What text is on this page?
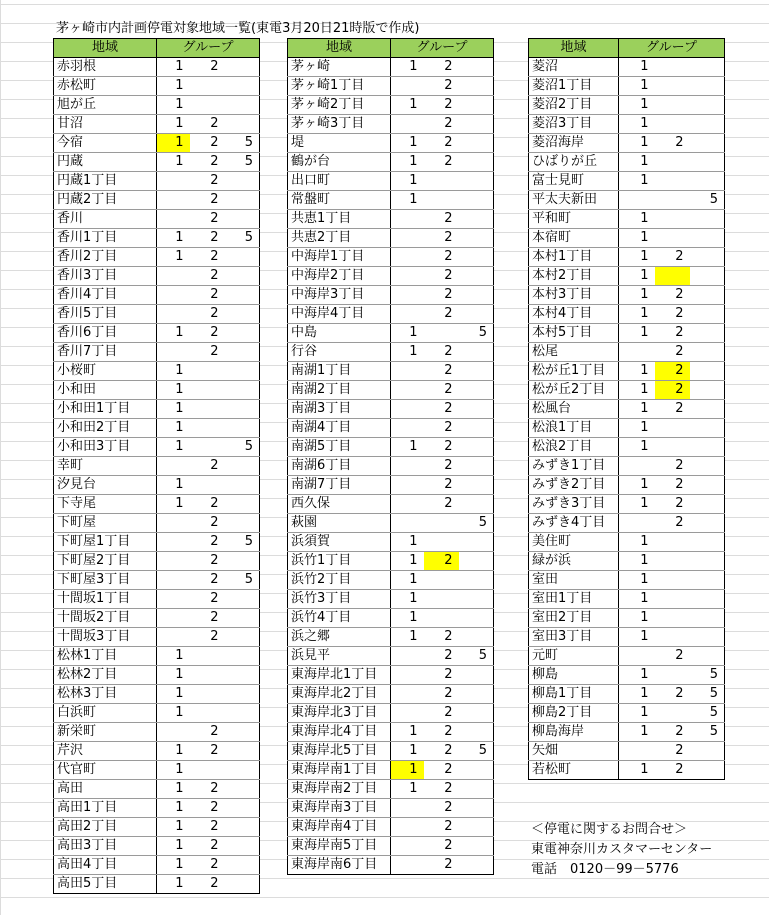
茅ヶ崎市内計画停電対象地域一覧(東電3月20日21時版で作成)
地域	グループ		
赤羽根	1	2	
赤松町	1		
旭が丘	1		
甘沼	1	2	
今宿	1	2	5
円蔵	1	2	5
円蔵1丁目		2	
円蔵2丁目		2	
香川		2	
香川1丁目	1	2	5
香川2丁目	1	2	
香川3丁目		2	
香川4丁目		2	
香川5丁目		2	
香川6丁目	1	2	
香川7丁目		2	
小桜町	1		
小和田	1		
小和田1丁目	1		
小和田2丁目	1		
小和田3丁目	1		5
幸町		2	
汐見台	1		
下寺尾	1	2	
下町屋		2	
下町屋1丁目		2	5
下町屋2丁目		2	
下町屋3丁目		2	5
十間坂1丁目		2	
十間坂2丁目		2	
十間坂3丁目		2	
松林1丁目	1		
松林2丁目	1		
松林3丁目	1		
白浜町	1		
新栄町		2	
芹沢	1	2	
代官町	1		
高田	1	2	
高田1丁目	1	2	
高田2丁目	1	2	
高田3丁目	1	2	
高田4丁目	1	2	
高田5丁目	1	2	
地域	グループ		
茅ヶ崎	1	2	
茅ヶ崎1丁目		2	
茅ヶ崎2丁目	1	2	
茅ヶ崎3丁目		2	
堤	1	2	
鶴が台	1	2	
出口町	1		
常盤町	1		
共恵1丁目		2	
共恵2丁目		2	
中海岸1丁目		2	
中海岸2丁目		2	
中海岸3丁目		2	
中海岸4丁目		2	
中島	1		5
行谷	1	2	
南湖1丁目		2	
南湖2丁目		2	
南湖3丁目		2	
南湖4丁目		2	
南湖5丁目	1	2	
南湖6丁目		2	
南湖7丁目		2	
西久保		2	
萩園			5
浜須賀	1		
浜竹1丁目	1	2	
浜竹2丁目	1		
浜竹3丁目	1		
浜竹4丁目	1		
浜之郷	1	2	
浜見平		2	5
東海岸北1丁目		2	
東海岸北2丁目		2	
東海岸北3丁目		2	
東海岸北4丁目	1	2	
東海岸北5丁目	1	2	5
東海岸南1丁目	1	2	
東海岸南2丁目	1	2	
東海岸南3丁目		2	
東海岸南4丁目		2	
東海岸南5丁目		2	
東海岸南6丁目		2	
地域	グループ		
菱沼	1		
菱沼1丁目	1		
菱沼2丁目	1		
菱沼3丁目	1		
菱沼海岸	1	2	
ひばりが丘	1		
富士見町	1		
平太夫新田			5
平和町	1		
本宿町	1		
本村1丁目	1	2	
本村2丁目	1		
本村3丁目	1	2	
本村4丁目	1	2	
本村5丁目	1	2	
松尾		2	
松が丘1丁目	1	2	
松が丘2丁目	1	2	
松風台	1	2	
松浪1丁目	1		
松浪2丁目	1		
みずき1丁目		2	
みずき2丁目	1	2	
みずき3丁目	1	2	
みずき4丁目		2	
美住町	1		
緑が浜	1		
室田	1		
室田1丁目	1		
室田2丁目	1		
室田3丁目	1		
元町		2	
柳島	1		5
柳島1丁目	1	2	5
柳島2丁目	1		5
柳島海岸	1	2	5
矢畑		2	
若松町	1	2	
＜停電に関するお問合せ＞
東電神奈川カスタマーセンター
電話　0120－99－5776
